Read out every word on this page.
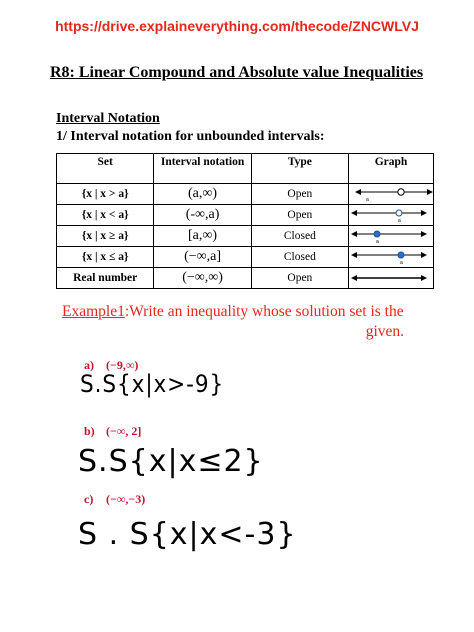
https://drive.explaineverything.com/thecode/ZNCWLVJ
R8: Linear Compound and Absolute value Inequalities
Interval Notation
1/ Interval notation for unbounded intervals:
Set	Interval notation	Type	Graph
{x | x > a}	(a,∞)	Open	a

{x | x < a}	(-∞,a)	Open	a

{x | x ≥ a}	[a,∞)	Closed	a

{x | x ≤ a}	(−∞,a]	Closed	a

Real number	(−∞,∞)	Open	
Example1:Write an inequality whose solution set is the
given.
a) (−9,∞)
S.S{x|x>-9}
b) (−∞, 2]
S.S{x|x≤2}
c) (−∞,−3)
S . S{x|x<-3}
